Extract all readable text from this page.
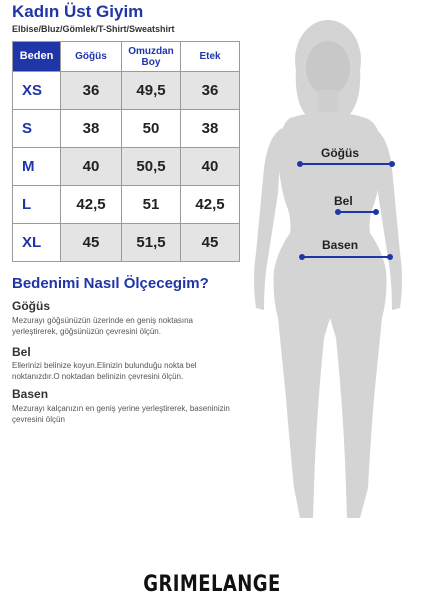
Kadın Üst Giyim
Elbise/Bluz/Gömlek/T-Shirt/Sweatshirt
Beden	Göğüs	Omuzdan Boy	Etek
XS	36	49,5	36
S	38	50	38
M	40	50,5	40
L	42,5	51	42,5
XL	45	51,5	45
Bedenimi Nasıl Ölçecegim?
Göğüs
Mezurayı göğsünüzün üzerinde en geniş noktasına yerleştirerek, göğsünüzün çevresini ölçün.
Bel
Ellerinizi belinize koyun.Elinizin bulunduğu nokta bel noktanızdır.O noktadan belinizin çevresini ölçün.
Basen
Mezurayı kalçanızın en geniş yerine yerleştirerek, baseninizin çevresini ölçün
Göğüs
Bel
Basen
GRIMELANGE
